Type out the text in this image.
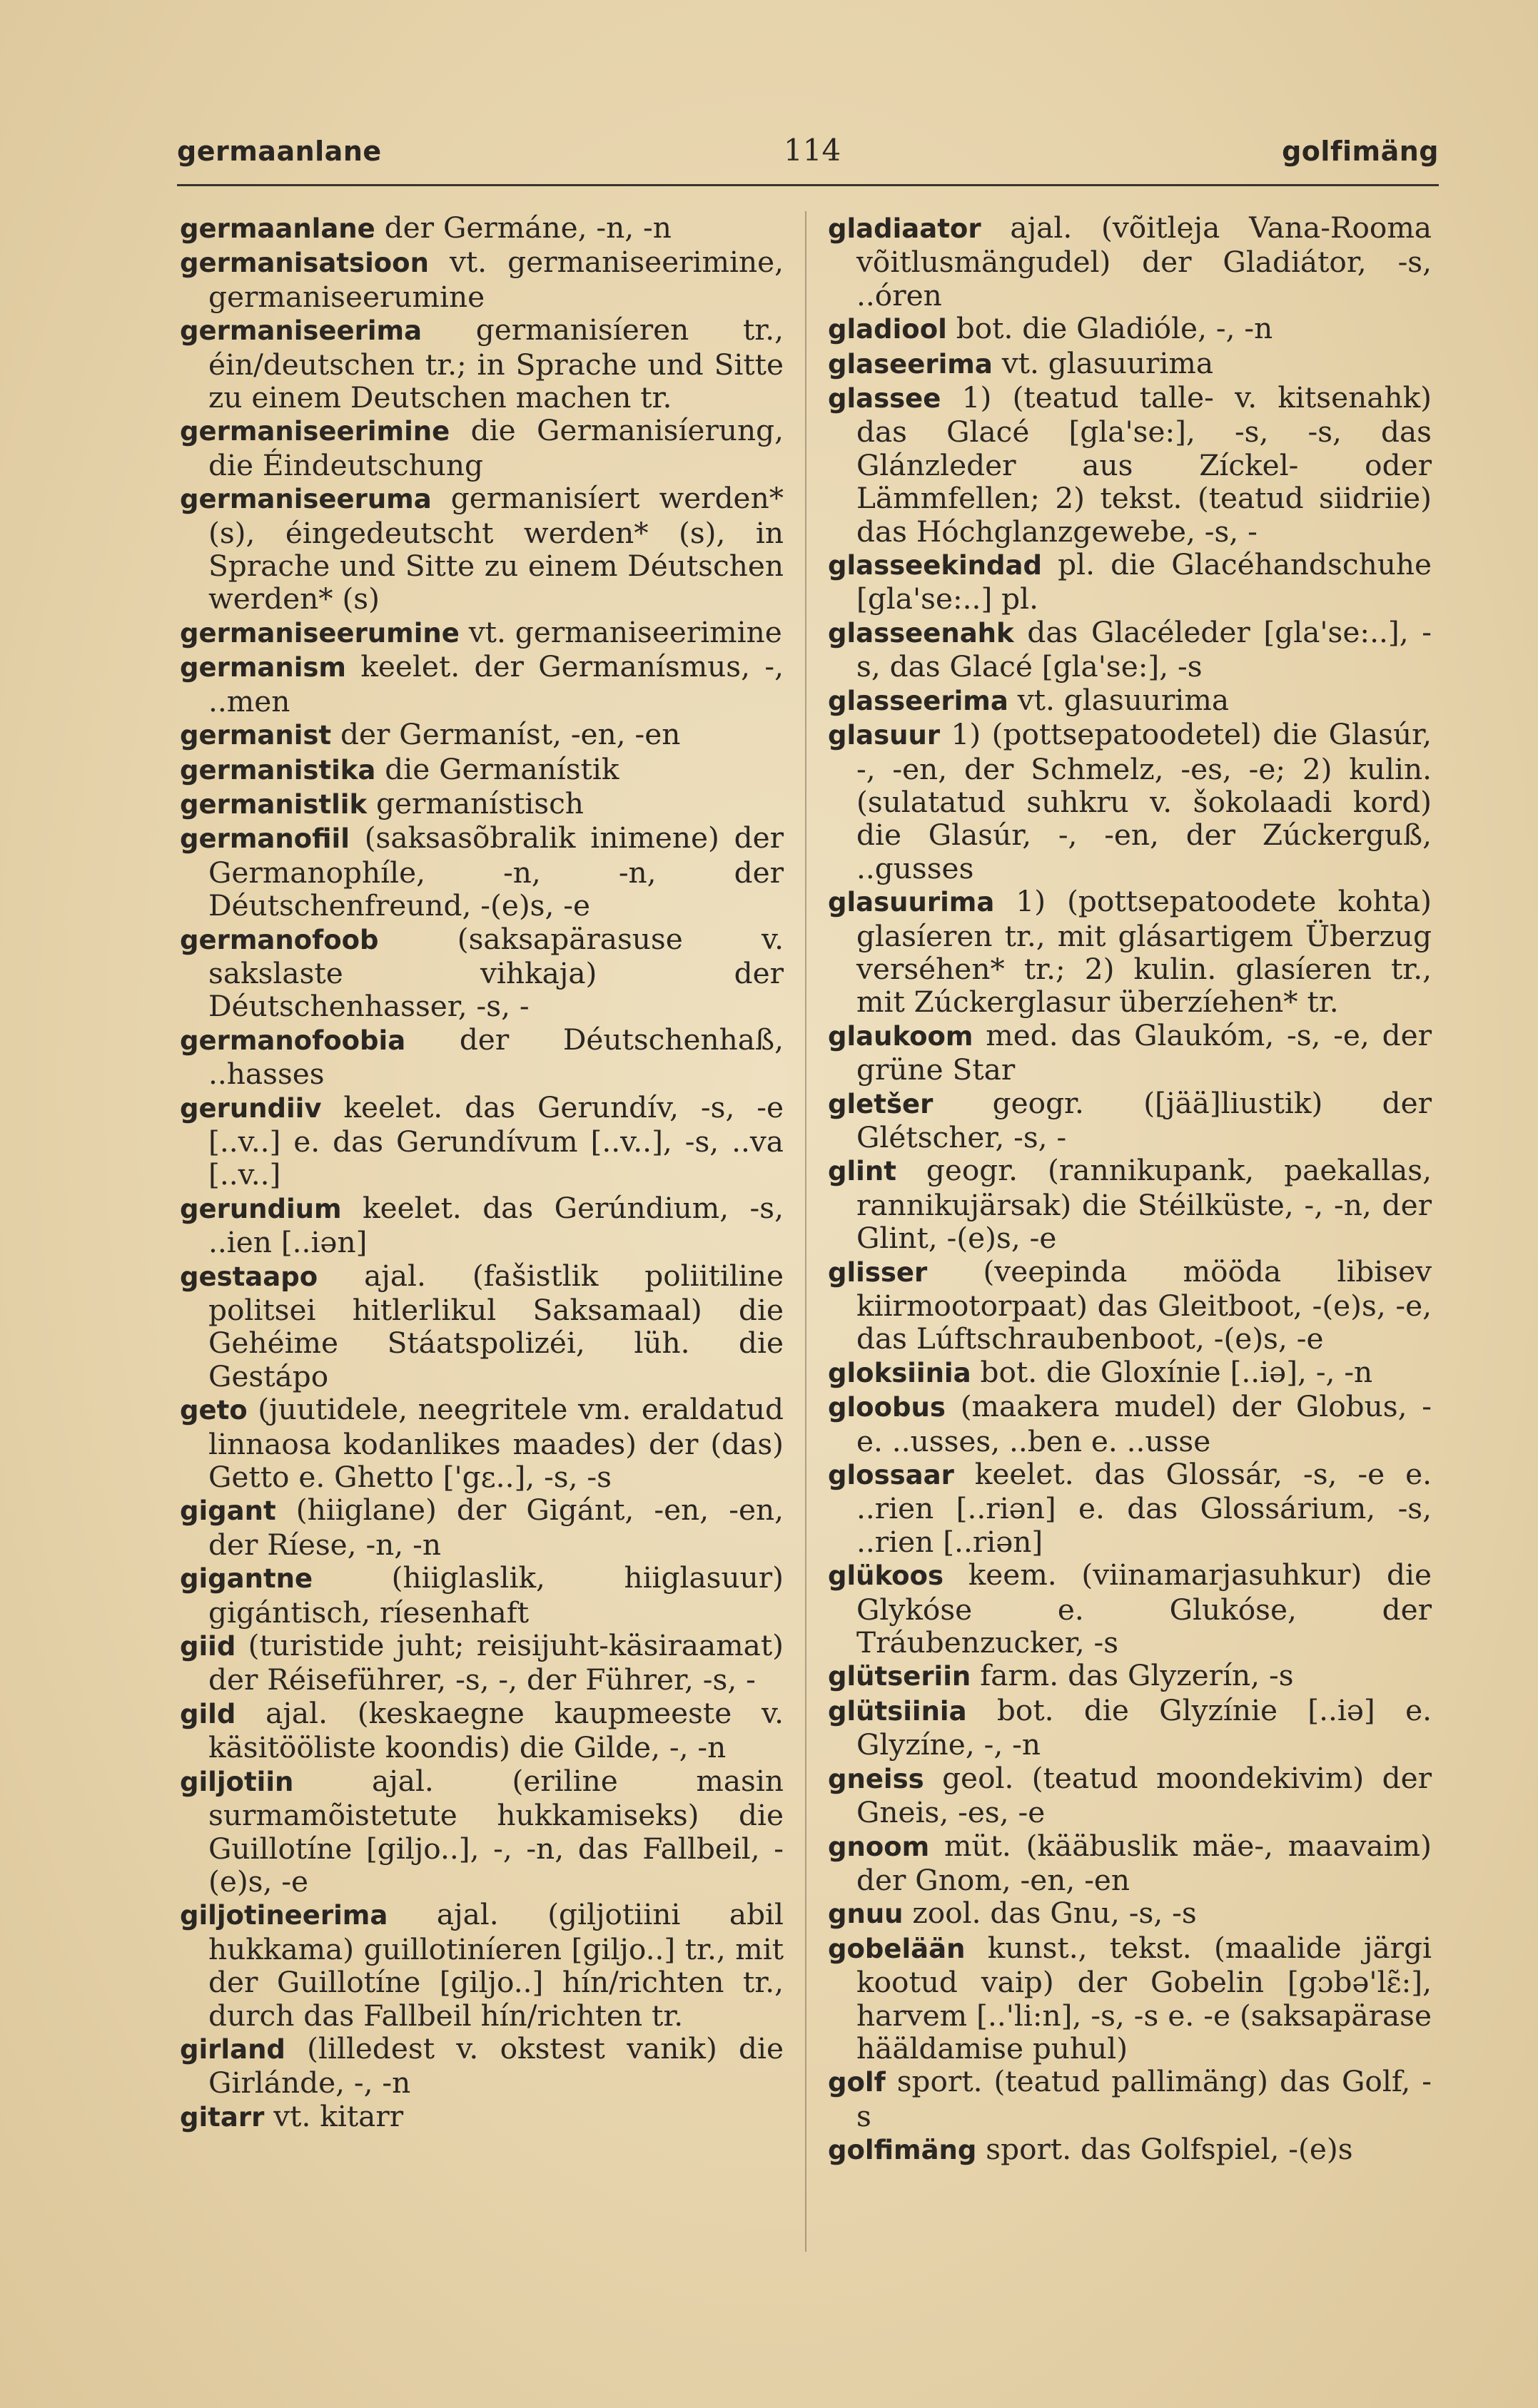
germaanlane	114	golfimäng

germaanlane der Germáne, -n, -n

germanisatsioon vt. germaniseerimine, germaniseerumine

germaniseerima germanisíeren tr., éin/deutschen tr.; in Sprache und Sitte zu einem Deutschen machen tr.

germaniseerimine die Germanisíerung, die Éindeutschung

germaniseeruma germanisíert werden* (s), éingedeutscht werden* (s), in Sprache und Sitte zu einem Déutschen werden* (s)

germaniseerumine vt. germaniseerimine

germanism keelet. der Germanísmus, -, ..men

germanist der Germaníst, -en, -en

germanistika die Germanístik

germanistlik germanístisch

germanofiil (saksasõbralik inimene) der Germanophíle, -n, -n, der Déutschenfreund, -(e)s, -e

germanofoob	(saksapärasuse v. sakslaste vihkaja) der Déutschenhasser, -s, -

germanofoobia der Déutschenhaß, ..hasses

gerundiiv keelet. das Gerundív, -s, -e [..v..] e. das Gerundívum [..v..], -s, ..va [..v..]

gerundium keelet. das Gerúndium, -s, ..ien [..iən]

gestaapo ajal. (fašistlik poliitiline politsei hitlerlikul Saksamaal) die Gehéime Stáatspolizéi, lüh. die Gestápo

geto (juutidele, neegritele vm. eraldatud linnaosa kodanlikes maades) der (das) Getto e. Ghetto ['gɛ..], -s, -s

gigant (hiiglane) der Gigánt, -en, -en, der Ríese, -n, -n

gigantne	(hiiglaslik, hiiglasuur) gigántisch, ríesenhaft

giid (turistide juht; reisijuht-käsiraamat) der Réiseführer, -s, -, der Führer, -s, -

gild ajal. (keskaegne kaupmeeste v. käsitööliste koondis) die Gilde, -, -n

giljotiin	ajal. (eriline masin surmamõistetute hukkamiseks) die Guillotíne [giljo..], -, -n, das Fallbeil, -(e)s, -e

giljotineerima ajal. (giljotiini abil hukkama) guillotiníeren [giljo..] tr., mit der Guillotíne [giljo..] hín/richten tr., durch das Fallbeil hín/richten tr.

girland (lilledest v. okstest vanik) die Girlánde, -, -n

gitarr vt. kitarr

gladiaator ajal. (võitleja Vana-Rooma võitlusmängudel) der Gladiátor, -s, ..óren

gladiool bot. die Gladióle, -, -n

glaseerima vt. glasuurima

glassee 1) (teatud talle- v. kitsenahk) das Glacé [gla'se:], -s, -s, das Glánzleder aus Zíckel- oder Lämmfellen; 2) tekst. (teatud siidriie) das Hóchglanzgewebe, -s, -

glasseekindad pl. die Glacéhandschuhe [gla'se:..] pl.

glasseenahk das Glacéleder [gla'se:..], -s, das Glacé [gla'se:], -s

glasseerima vt. glasuurima

glasuur 1) (pottsepatoodetel) die Glasúr, -, -en, der Schmelz, -es, -e; 2) kulin. (sulatatud suhkru v. šokolaadi kord) die Glasúr, -, -en, der Zúckerguß, ..gusses

glasuurima 1) (pottsepatoodete kohta) glasíeren tr., mit glásartigem Überzug verséhen* tr.; 2) kulin. glasíeren tr., mit Zúckerglasur überzíehen* tr.

glaukoom med. das Glaukóm, -s, -e, der grüne Star

gletšer geogr. ([jää]liustik) der Glétscher, -s, -

glint geogr. (rannikupank, paekallas, rannikujärsak) die Stéilküste, -, -n, der Glint, -(e)s, -e

glisser (veepinda mööda libisev kiirmootorpaat) das Gleitboot, -(e)s, -e, das Lúftschraubenboot, -(e)s, -e

gloksiinia bot. die Gloxínie [..iə], -, -n

gloobus (maakera mudel) der Globus, - e. ..usses, ..ben e. ..usse

glossaar keelet. das Glossár, -s, -e e. ..rien [..riən] e. das Glossárium, -s, ..rien [..riən]

glükoos keem. (viinamarjasuhkur) die Glykóse e. Glukóse, der Tráubenzucker, -s

glütseriin farm. das Glyzerín, -s

glütsiinia bot. die Glyzínie [..iə] e. Glyzíne, -, -n

gneiss geol. (teatud moondekivim) der Gneis, -es, -e

gnoom müt. (kääbuslik mäe-, maavaim) der Gnom, -en, -en

gnuu zool. das Gnu, -s, -s

gobelään kunst., tekst. (maalide järgi kootud vaip) der Gobelin [gɔbə'lɛ̃:], harvem [..'li:n], -s, -s e. -e (saksapärase hääldamise puhul)

golf sport. (teatud pallimäng) das Golf, -s

golfimäng sport. das Golfspiel, -(e)s
